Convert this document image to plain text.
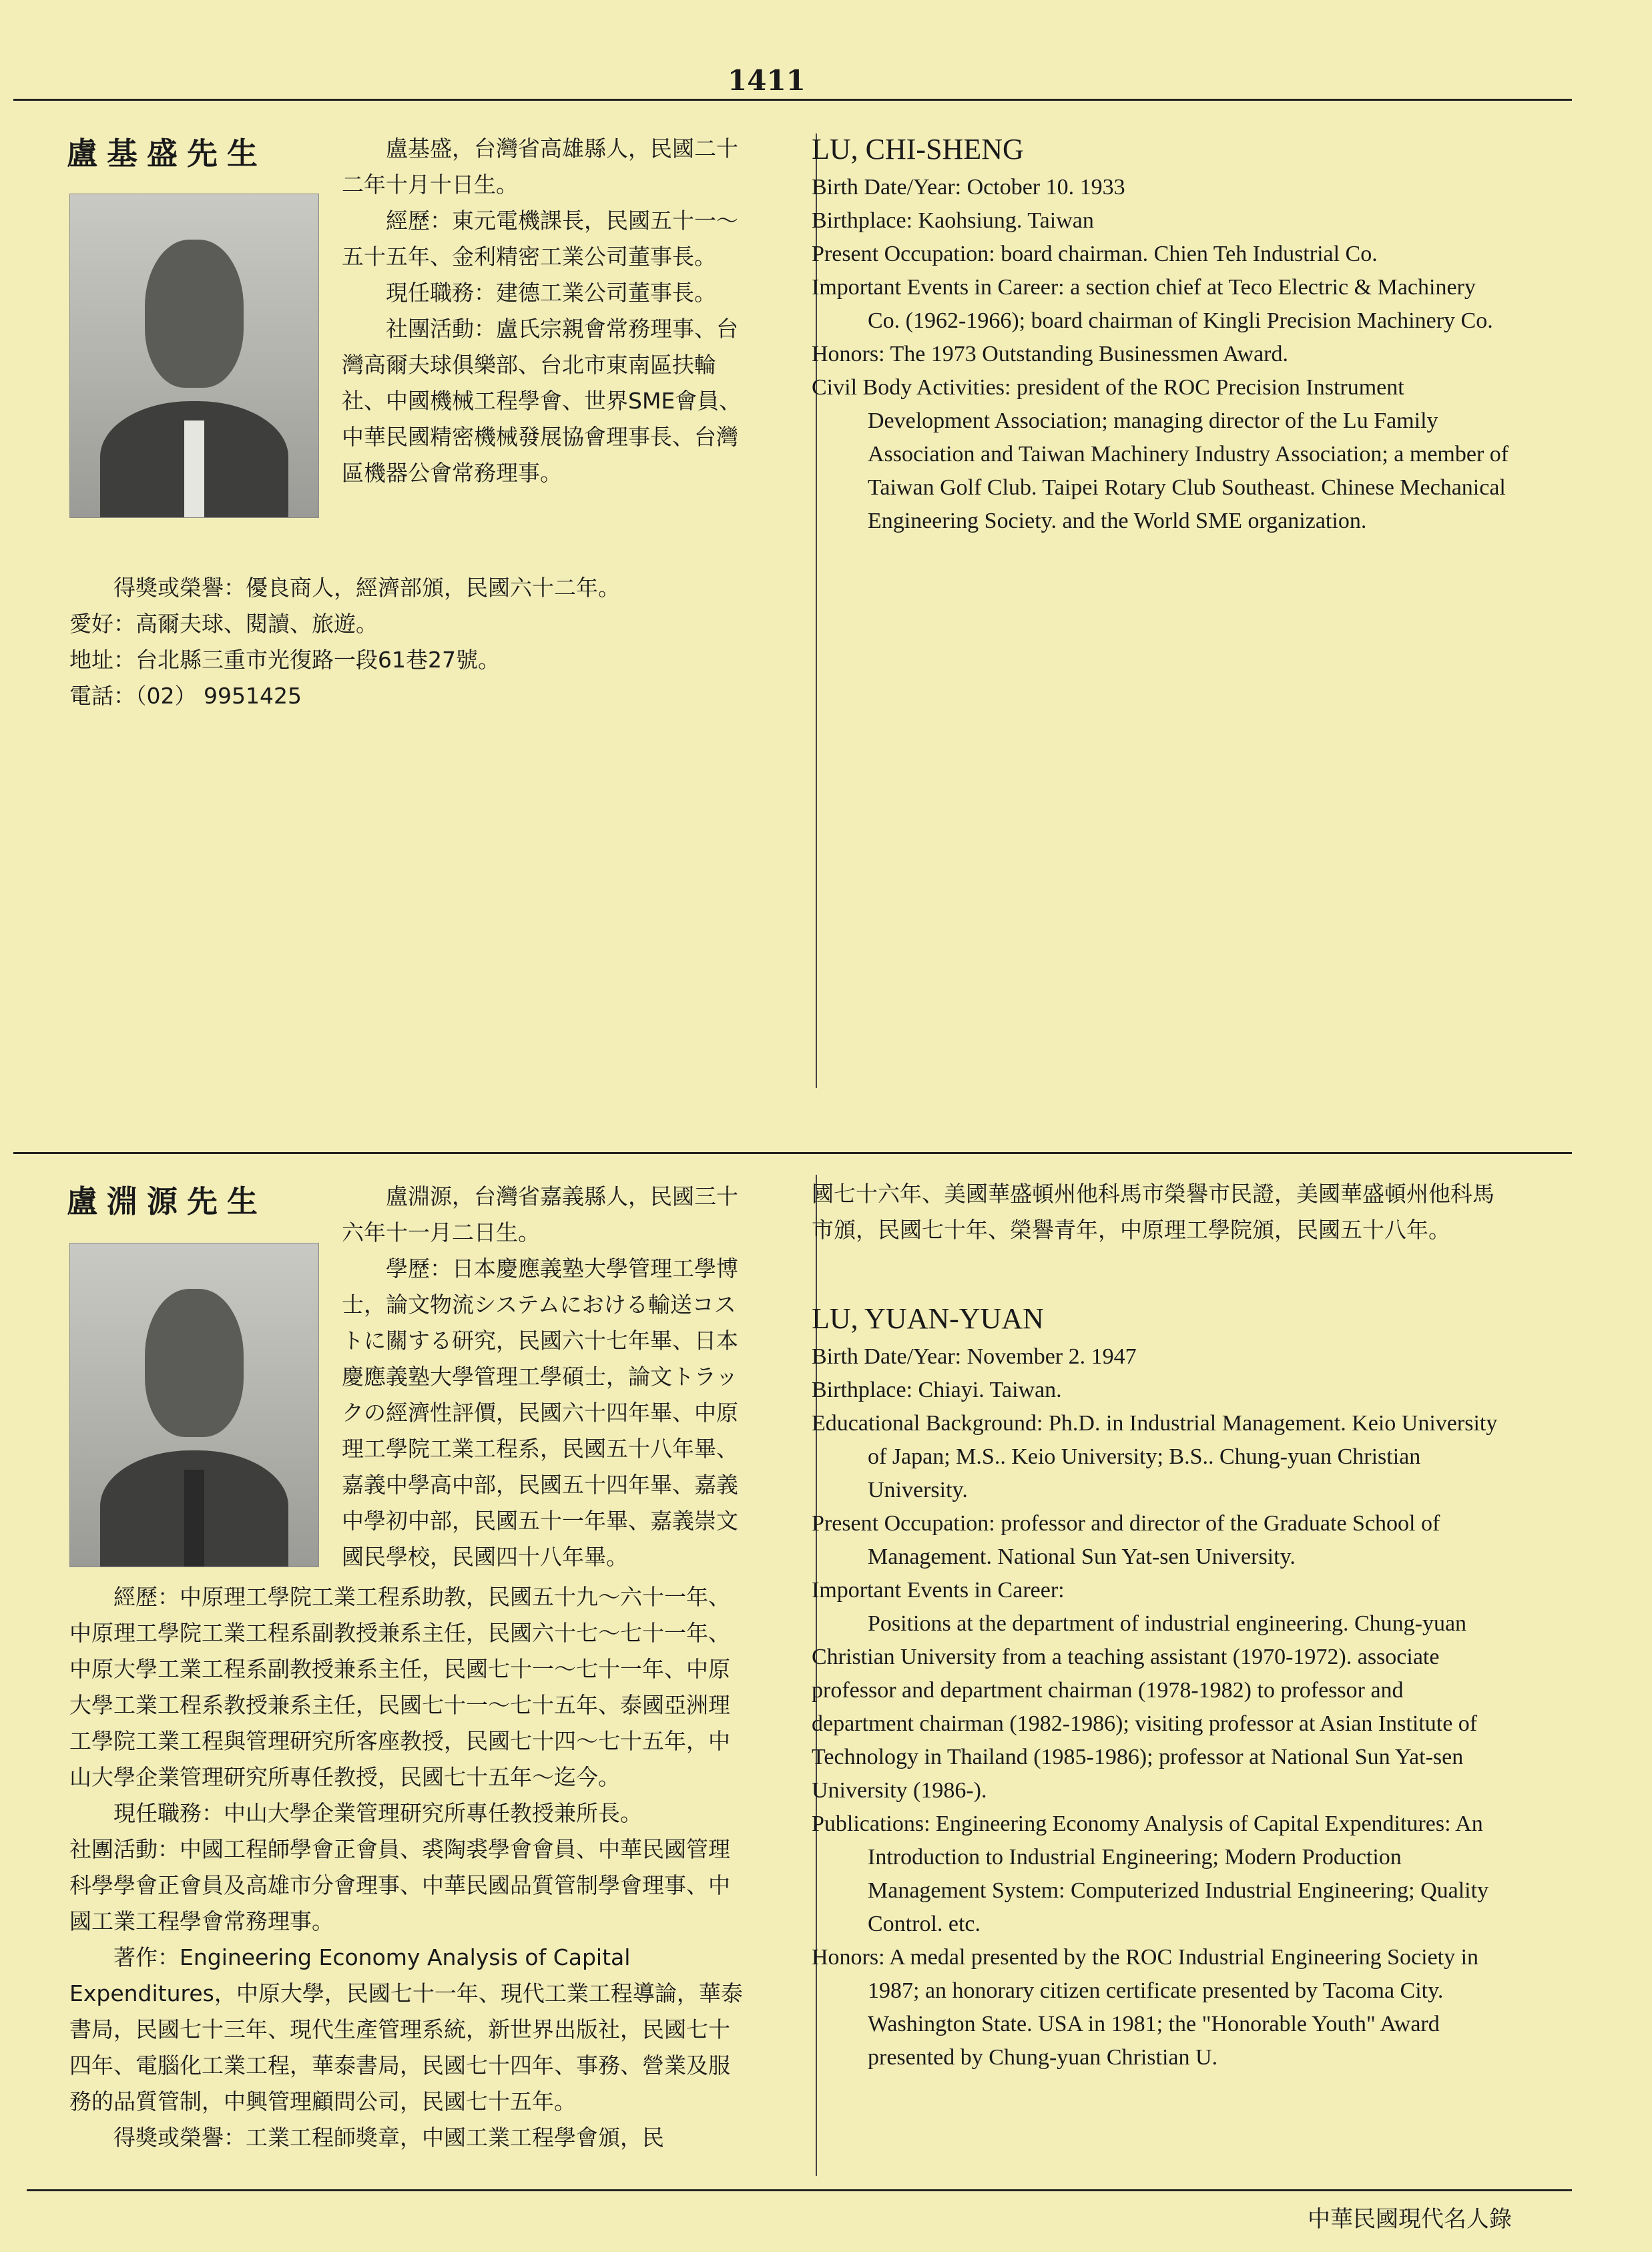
1411
盧基盛先生	盧基盛，台灣省高雄縣人，民國二十二年十月十日生。

經歷：東元電機課長，民國五十一～五十五年、金利精密工業公司董事長。

現任職務：建德工業公司董事長。

社團活動：盧氏宗親會常務理事、台灣高爾夫球俱樂部、台北市東南區扶輪社、中國機械工程學會、世界SME會員、中華民國精密機械發展協會理事長、台灣區機器公會常務理事。

得獎或榮譽：優良商人，經濟部頒，民國六十二年。

愛好：高爾夫球、閱讀、旅遊。

地址：台北縣三重市光復路一段61巷27號。

電話：（02） 9951425

LU, CHI-SHENG

Birth Date/Year: October 10. 1933

Birthplace: Kaohsiung. Taiwan

Present Occupation: board chairman. Chien Teh Industrial Co.

Important Events in Career: a section chief at Teco Electric & Machinery Co. (1962-1966); board chairman of Kingli Precision Machinery Co.

Honors: The 1973 Outstanding Businessmen Award.

Civil Body Activities: president of the ROC Precision Instrument Development Association; managing director of the Lu Family Association and Taiwan Machinery Industry Association; a member of Taiwan Golf Club. Taipei Rotary Club Southeast. Chinese Mechanical Engineering Society. and the World SME organization.

盧淵源先生	盧淵源，台灣省嘉義縣人，民國三十六年十一月二日生。

學歷：日本慶應義塾大學管理工學博士，論文物流システムにおける輸送コストに關する研究，民國六十七年畢、日本慶應義塾大學管理工學碩士，論文トラックの經濟性評價，民國六十四年畢、中原理工學院工業工程系，民國五十八年畢、嘉義中學高中部，民國五十四年畢、嘉義中學初中部，民國五十一年畢、嘉義崇文國民學校，民國四十八年畢。

經歷：中原理工學院工業工程系助教，民國五十九～六十一年、中原理工學院工業工程系副教授兼系主任，民國六十七～七十一年、中原大學工業工程系副教授兼系主任，民國七十一～七十一年、中原大學工業工程系教授兼系主任，民國七十一～七十五年、泰國亞洲理工學院工業工程與管理研究所客座教授，民國七十四～七十五年，中山大學企業管理研究所專任教授，民國七十五年～迄今。

現任職務：中山大學企業管理研究所專任教授兼所長。

社團活動：中國工程師學會正會員、裘陶裘學會會員、中華民國管理科學學會正會員及高雄市分會理事、中華民國品質管制學會理事、中國工業工程學會常務理事。

著作：Engineering Economy Analysis of Capital Expenditures，中原大學，民國七十一年、現代工業工程導論，華泰書局，民國七十三年、現代生產管理系統，新世界出版社，民國七十四年、電腦化工業工程，華泰書局，民國七十四年、事務、營業及服務的品質管制，中興管理顧問公司，民國七十五年。

得獎或榮譽：工業工程師獎章，中國工業工程學會頒，民

國七十六年、美國華盛頓州他科馬市榮譽市民證，美國華盛頓州他科馬市頒，民國七十年、榮譽青年，中原理工學院頒，民國五十八年。

LU, YUAN-YUAN

Birth Date/Year: November 2. 1947

Birthplace: Chiayi. Taiwan.

Educational Background: Ph.D. in Industrial Management. Keio University of Japan; M.S.. Keio University; B.S.. Chung-yuan Christian University.

Present Occupation: professor and director of the Graduate School of Management. National Sun Yat-sen University.

Important Events in Career:

Positions at the department of industrial engineering. Chung-yuan Christian University from a teaching assistant (1970-1972). associate professor and department chairman (1978-1982) to professor and department chairman (1982-1986); visiting professor at Asian Institute of Technology in Thailand (1985-1986); professor at National Sun Yat-sen University (1986-).

Publications: Engineering Economy Analysis of Capital Expenditures: An Introduction to Industrial Engineering; Modern Production Management System: Computerized Industrial Engineering; Quality Control. etc.

Honors: A medal presented by the ROC Industrial Engineering Society in 1987; an honorary citizen certificate presented by Tacoma City. Washington State. USA in 1981; the "Honorable Youth" Award presented by Chung-yuan Christian U.

中華民國現代名人錄
